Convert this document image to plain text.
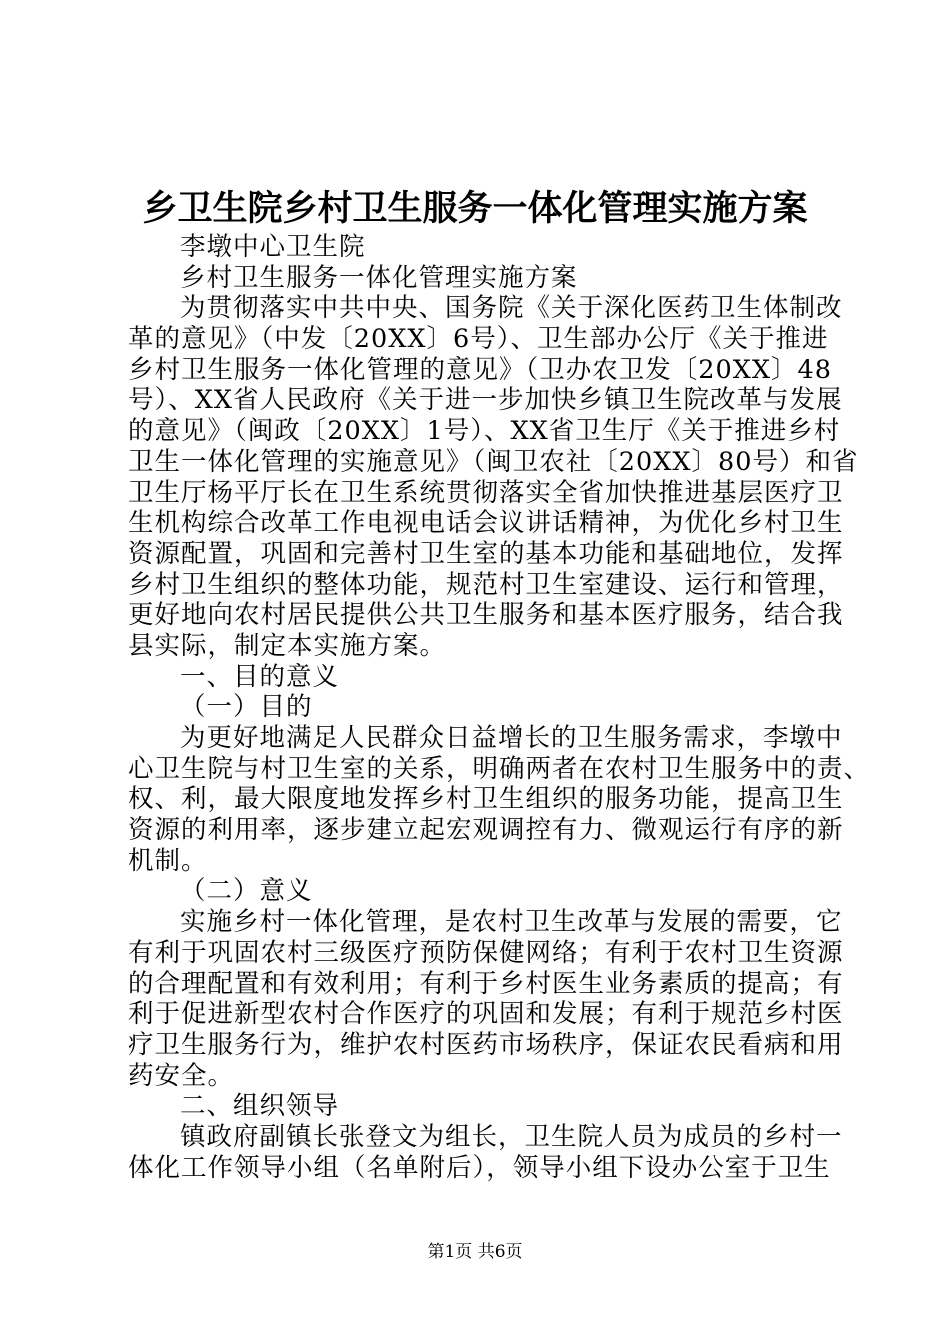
乡卫生院乡村卫生服务一体化管理实施方案
李墩中心卫生院
乡村卫生服务一体化管理实施方案
为贯彻落实中共中央、国务院《关于深化医药卫生体制改
革的意见》（中发〔20XX〕6号）、卫生部办公厅《关于推进
乡村卫生服务一体化管理的意见》（卫办农卫发〔20XX〕48
号）、XX省人民政府《关于进一步加快乡镇卫生院改革与发展
的意见》（闽政〔20XX〕1号）、XX省卫生厅《关于推进乡村
卫生一体化管理的实施意见》（闽卫农社〔20XX〕80号）和省
卫生厅杨平厅长在卫生系统贯彻落实全省加快推进基层医疗卫
生机构综合改革工作电视电话会议讲话精神，为优化乡村卫生
资源配置，巩固和完善村卫生室的基本功能和基础地位，发挥
乡村卫生组织的整体功能，规范村卫生室建设、运行和管理，
更好地向农村居民提供公共卫生服务和基本医疗服务，结合我
县实际，制定本实施方案。
一、目的意义
（一）目的
为更好地满足人民群众日益增长的卫生服务需求，李墩中
心卫生院与村卫生室的关系，明确两者在农村卫生服务中的责、
权、利，最大限度地发挥乡村卫生组织的服务功能，提高卫生
资源的利用率，逐步建立起宏观调控有力、微观运行有序的新
机制。
（二）意义
实施乡村一体化管理，是农村卫生改革与发展的需要，它
有利于巩固农村三级医疗预防保健网络；有利于农村卫生资源
的合理配置和有效利用；有利于乡村医生业务素质的提高；有
利于促进新型农村合作医疗的巩固和发展；有利于规范乡村医
疗卫生服务行为，维护农村医药市场秩序，保证农民看病和用
药安全。
二、组织领导
镇政府副镇长张登文为组长，卫生院人员为成员的乡村一
体化工作领导小组（名单附后），领导小组下设办公室于卫生
第1页 共6页
